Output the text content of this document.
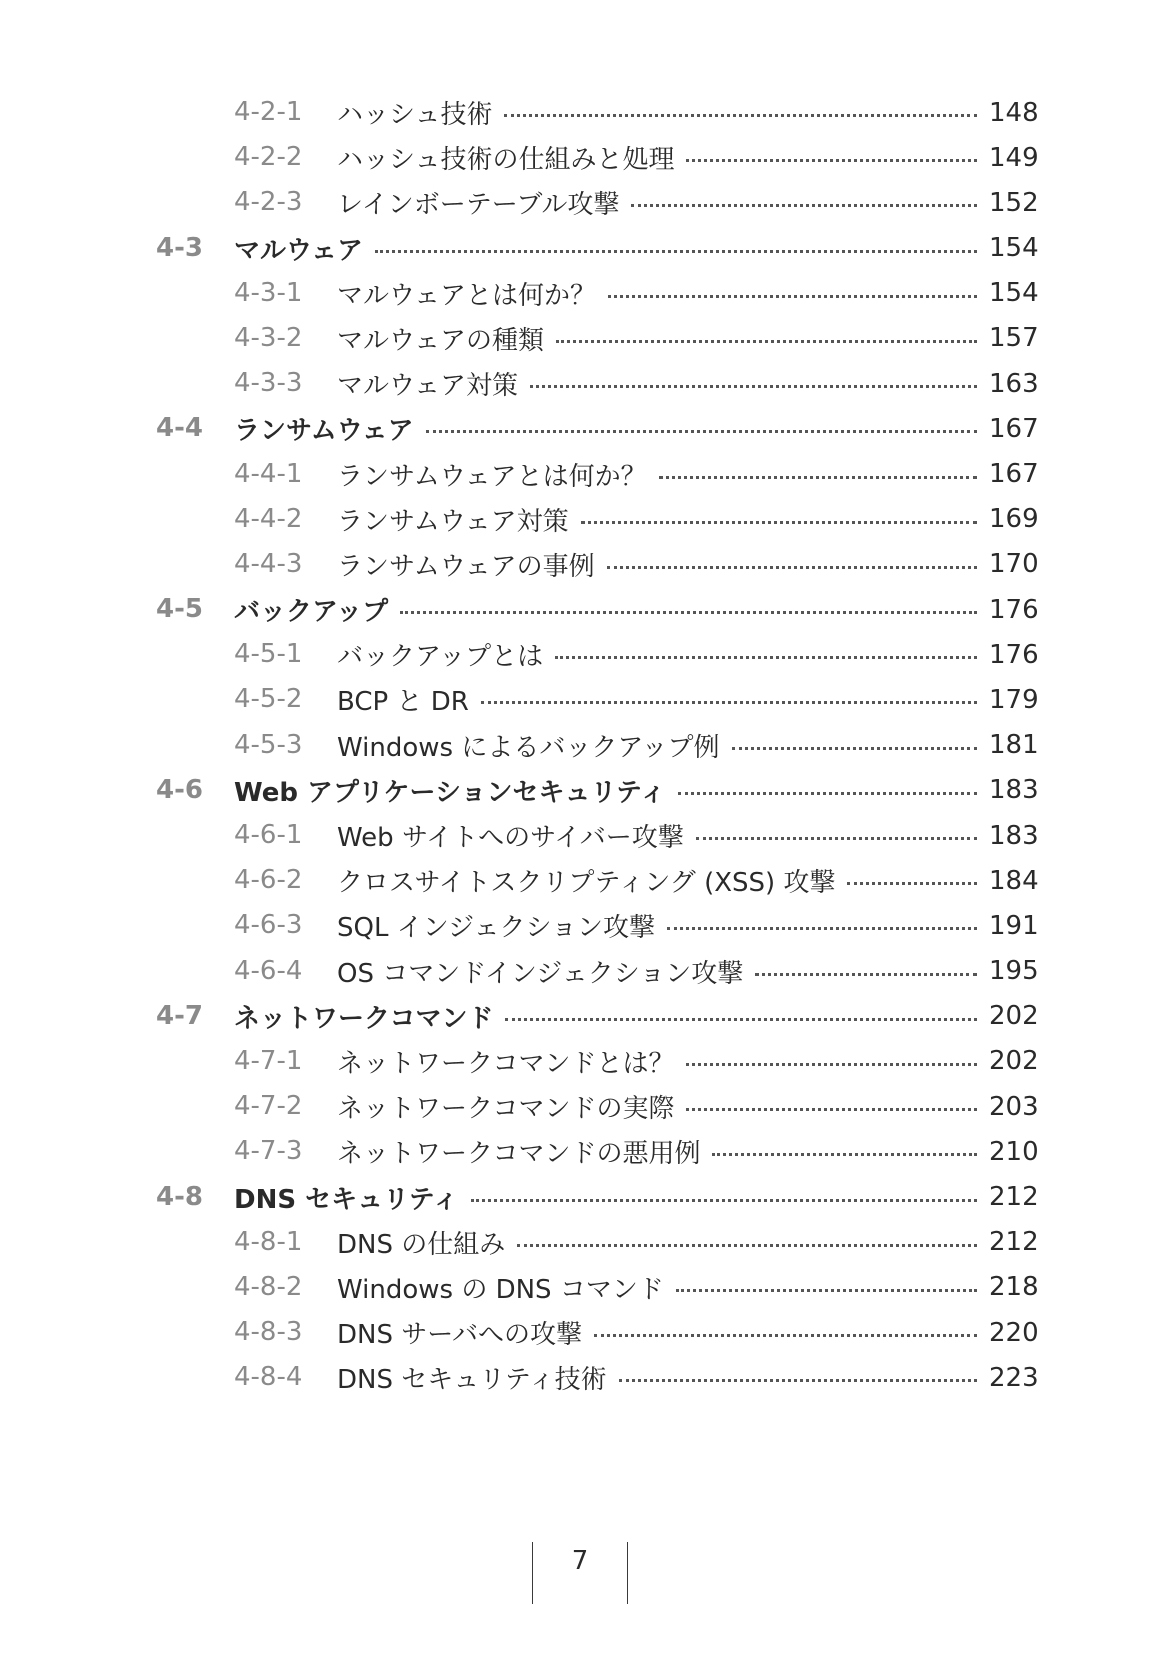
4-2-1 ハッシュ技術	148
4-2-2 ハッシュ技術の仕組みと処理	149
4-2-3 レインボーテーブル攻撃	152
4-3 マルウェア	154
4-3-1 マルウェアとは何か？	154
4-3-2 マルウェアの種類	157
4-3-3 マルウェア対策	163
4-4 ランサムウェア	167
4-4-1 ランサムウェアとは何か？	167
4-4-2 ランサムウェア対策	169
4-4-3 ランサムウェアの事例	170
4-5 バックアップ	176
4-5-1 バックアップとは	176
4-5-2 BCP と DR	179
4-5-3 Windows によるバックアップ例	181
4-6 Web アプリケーションセキュリティ	183
4-6-1 Web サイトへのサイバー攻撃	183
4-6-2 クロスサイトスクリプティング (XSS) 攻撃	184
4-6-3 SQL インジェクション攻撃	191
4-6-4 OS コマンドインジェクション攻撃	195
4-7 ネットワークコマンド	202
4-7-1 ネットワークコマンドとは？	202
4-7-2 ネットワークコマンドの実際	203
4-7-3 ネットワークコマンドの悪用例	210
4-8 DNS セキュリティ	212
4-8-1 DNS の仕組み	212
4-8-2 Windows の DNS コマンド	218
4-8-3 DNS サーバへの攻撃	220
4-8-4 DNS セキュリティ技術	223
7
